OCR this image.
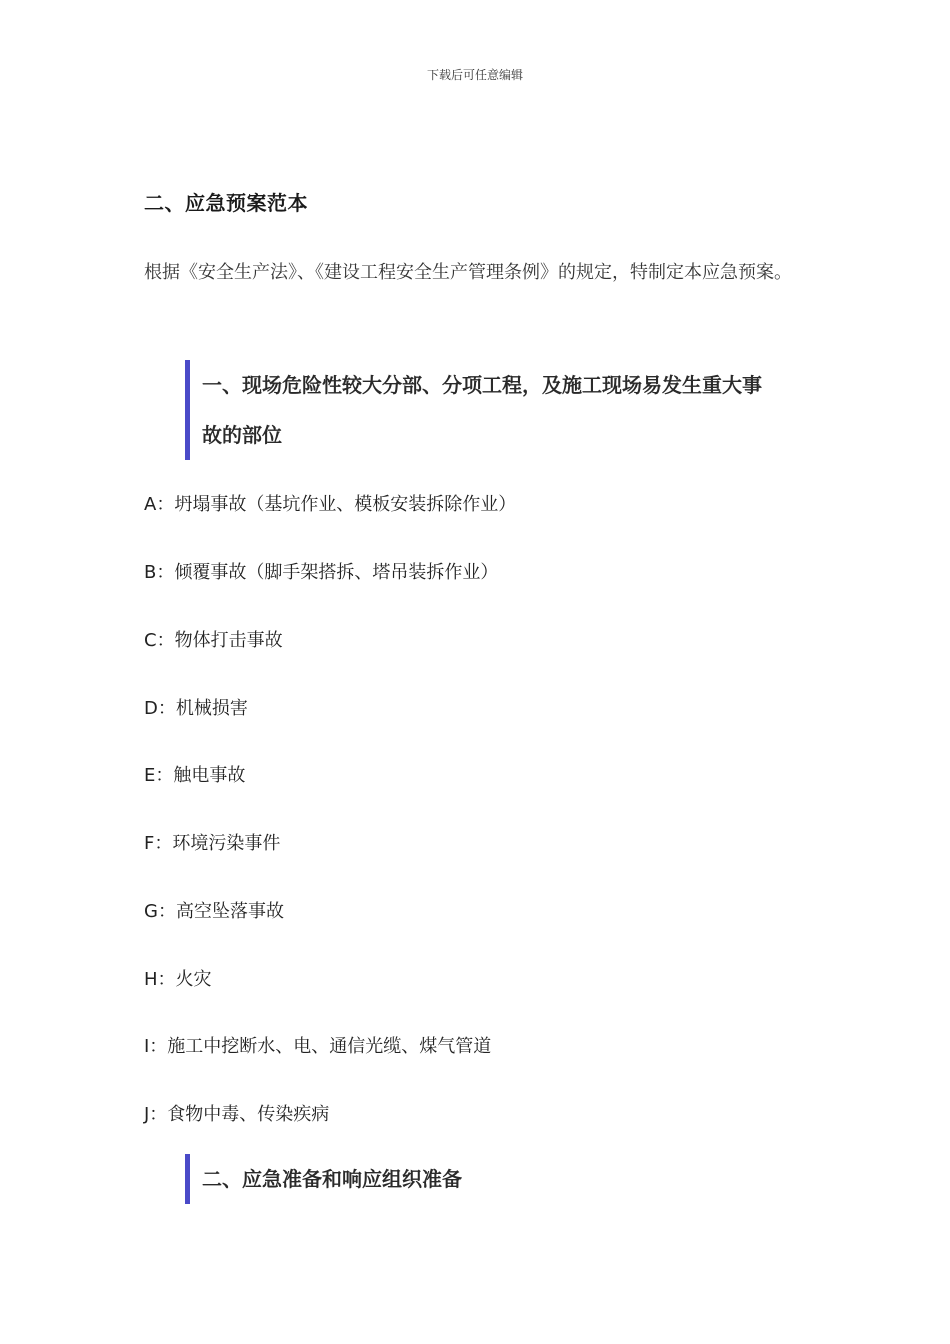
下载后可任意编辑
二、应急预案范本
根据《安全生产法》、《建设工程安全生产管理条例》的规定，特制定本应急预案。
一、现场危险性较大分部、分项工程，及施工现场易发生重大事故的部位
A：坍塌事故（基坑作业、模板安装拆除作业）
B：倾覆事故（脚手架搭拆、塔吊装拆作业）
C：物体打击事故
D：机械损害
E：触电事故
F：环境污染事件
G：高空坠落事故
H：火灾
I：施工中挖断水、电、通信光缆、煤气管道
J：食物中毒、传染疾病
二、应急准备和响应组织准备
